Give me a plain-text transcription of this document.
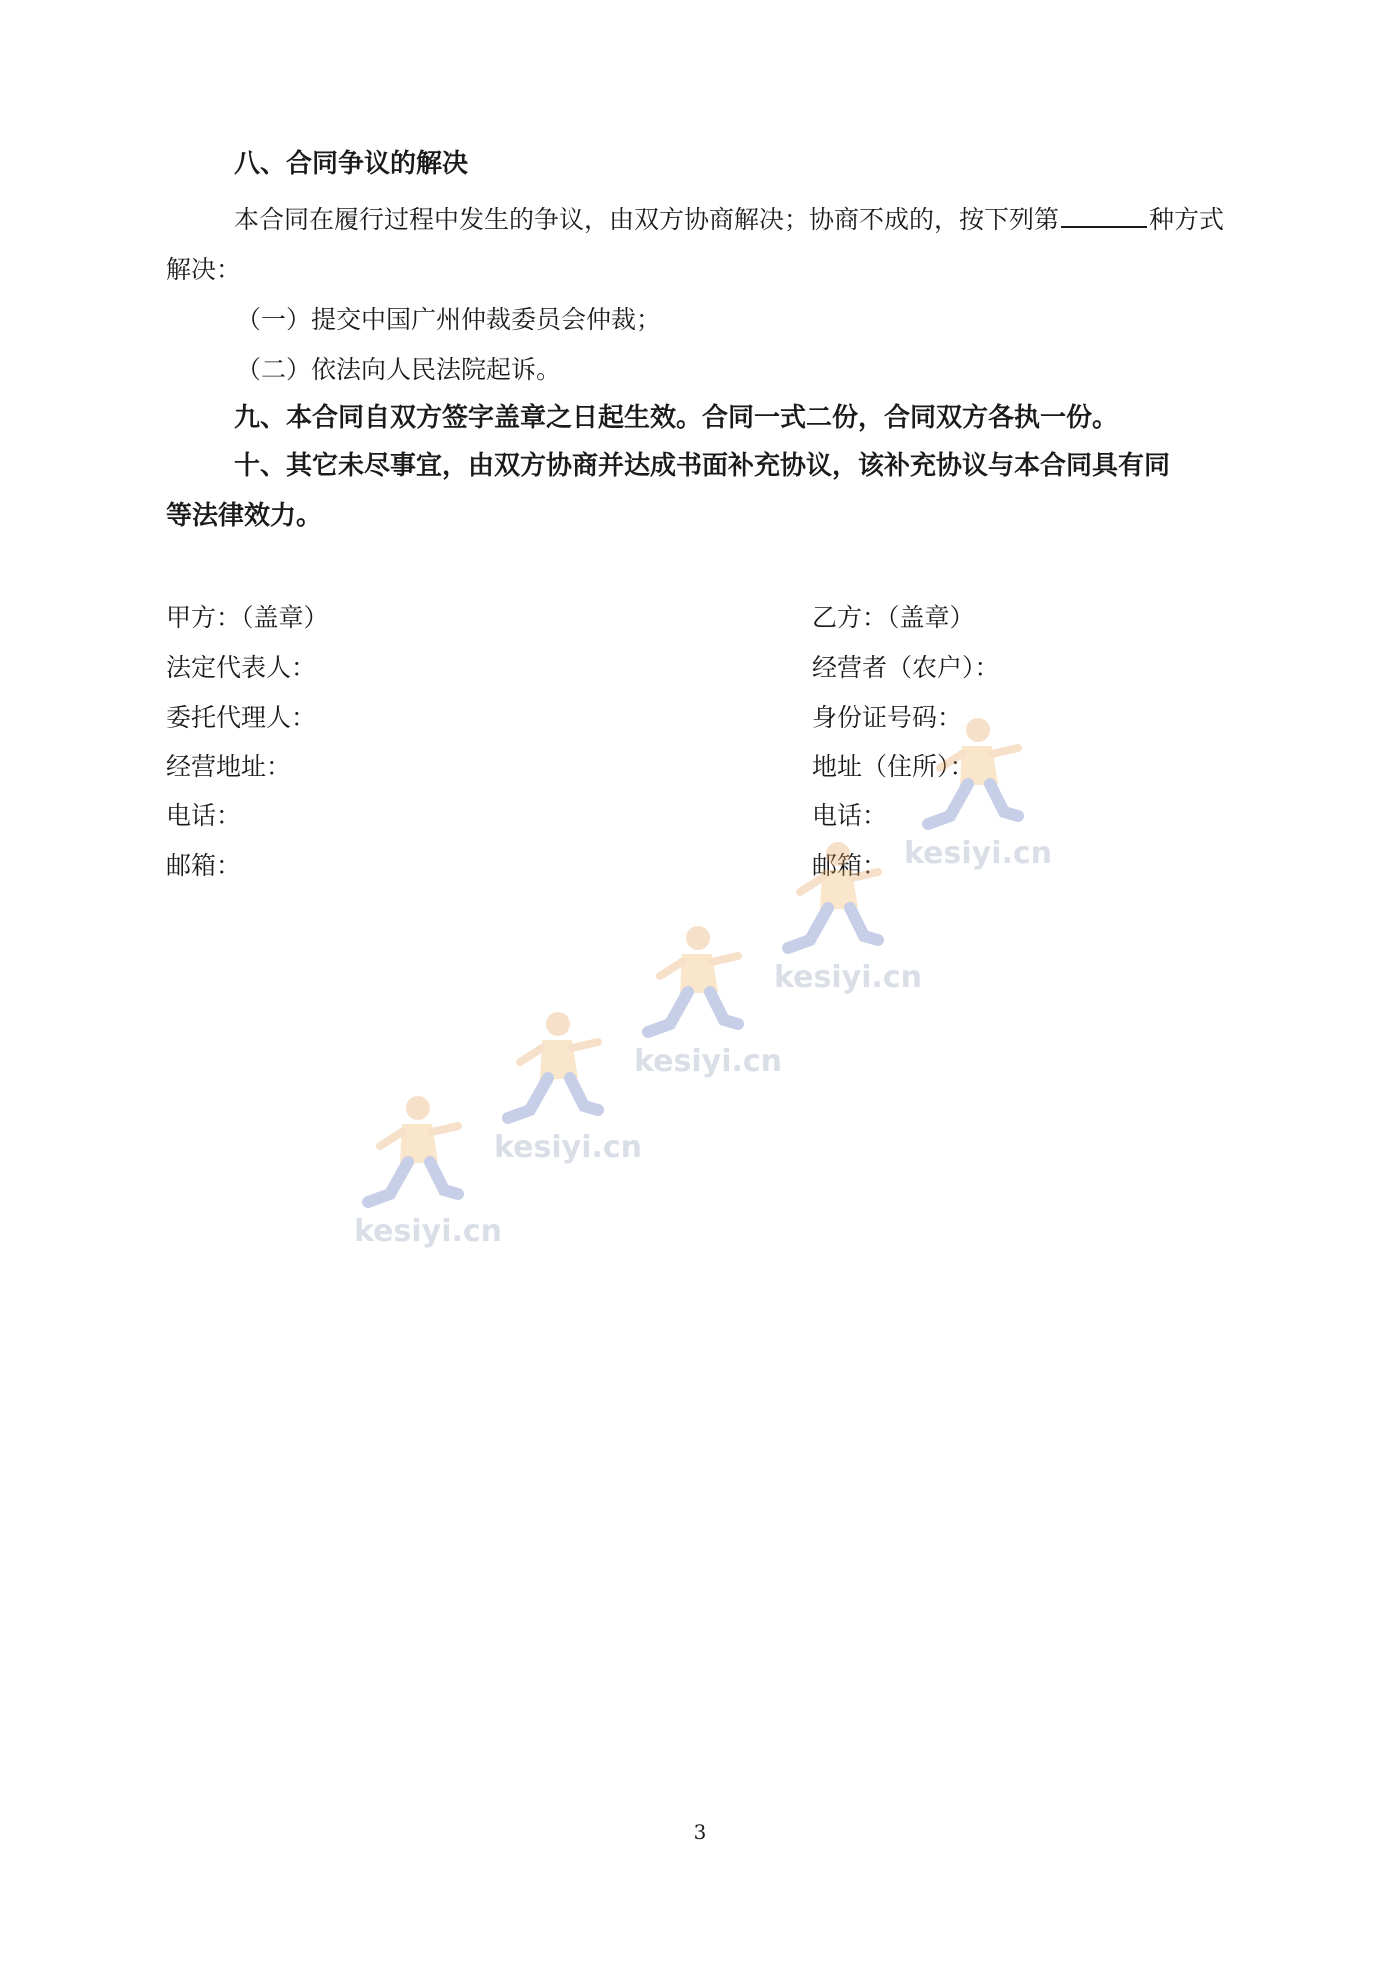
八、合同争议的解决
本合同在履行过程中发生的争议，由双方协商解决；协商不成的，按下列第	种方式
解决：
（一）提交中国广州仲裁委员会仲裁；
（二）依法向人民法院起诉。
九、本合同自双方签字盖章之日起生效。合同一式二份，合同双方各执一份。
十、其它未尽事宜，由双方协商并达成书面补充协议，该补充协议与本合同具有同
等法律效力。
甲方：（盖章）
法定代表人：
委托代理人：
经营地址：
电话：
邮箱：
乙方：（盖章）
经营者（农户）：
身份证号码：
地址（住所）：
电话：
邮箱：
kesiyi.cn
kesiyi.cn
kesiyi.cn
kesiyi.cn
kesiyi.cn
3
